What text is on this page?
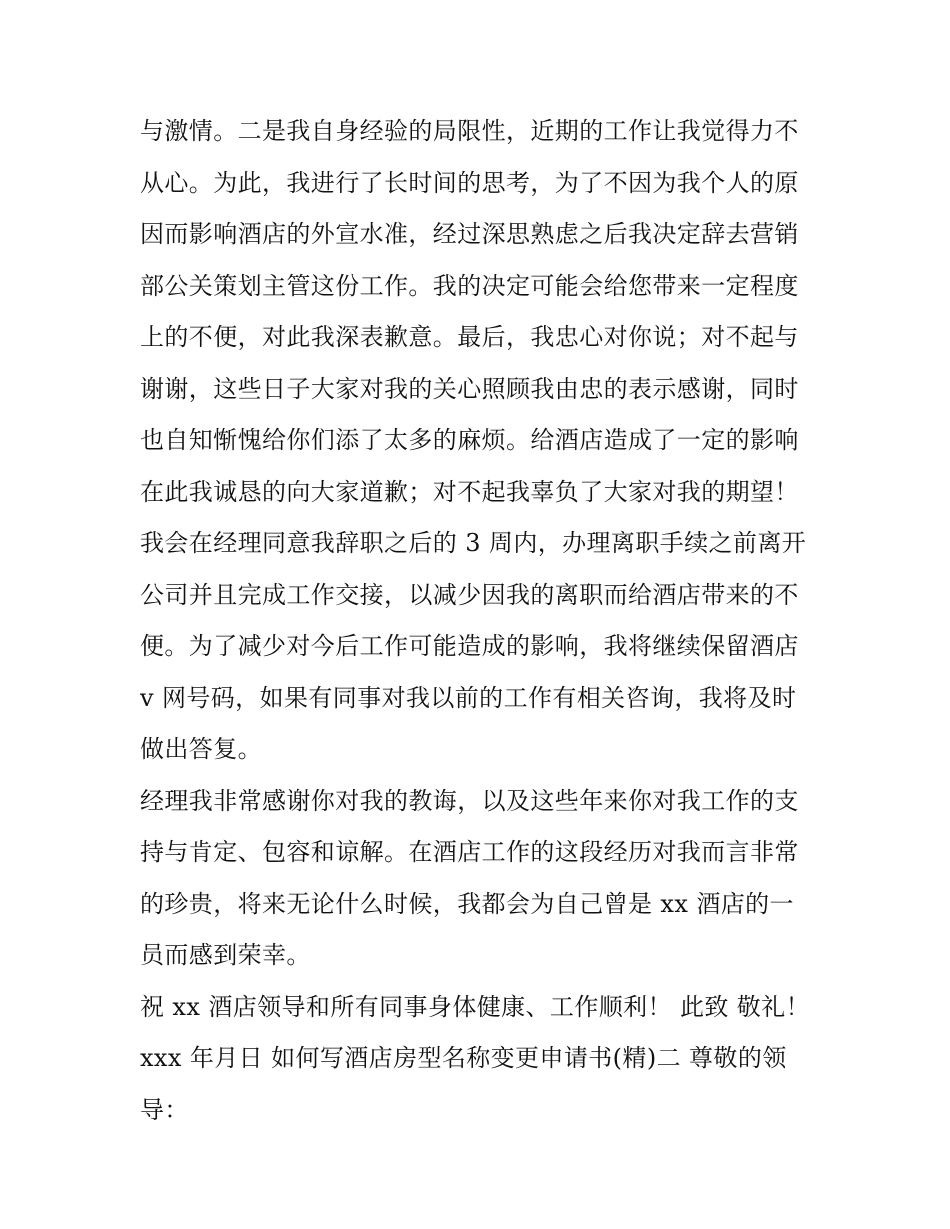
与激情。二是我自身经验的局限性，近期的工作让我觉得力不
从心。为此，我进行了长时间的思考，为了不因为我个人的原
因而影响酒店的外宣水准，经过深思熟虑之后我决定辞去营销
部公关策划主管这份工作。我的决定可能会给您带来一定程度
上的不便，对此我深表歉意。最后，我忠心对你说；对不起与
谢谢，这些日子大家对我的关心照顾我由忠的表示感谢，同时
也自知惭愧给你们添了太多的麻烦。给酒店造成了一定的影响
在此我诚恳的向大家道歉；对不起我辜负了大家对我的期望！
我会在经理同意我辞职之后的 3 周内，办理离职手续之前离开
公司并且完成工作交接，以减少因我的离职而给酒店带来的不
便。为了减少对今后工作可能造成的影响，我将继续保留酒店
v 网号码，如果有同事对我以前的工作有相关咨询，我将及时
做出答复。
经理我非常感谢你对我的教诲，以及这些年来你对我工作的支
持与肯定、包容和谅解。在酒店工作的这段经历对我而言非常
的珍贵，将来无论什么时候，我都会为自己曾是 xx 酒店的一
员而感到荣幸。
祝 xx 酒店领导和所有同事身体健康、工作顺利！ 此致 敬礼！
xxx 年月日 如何写酒店房型名称变更申请书(精)二 尊敬的领
导：
